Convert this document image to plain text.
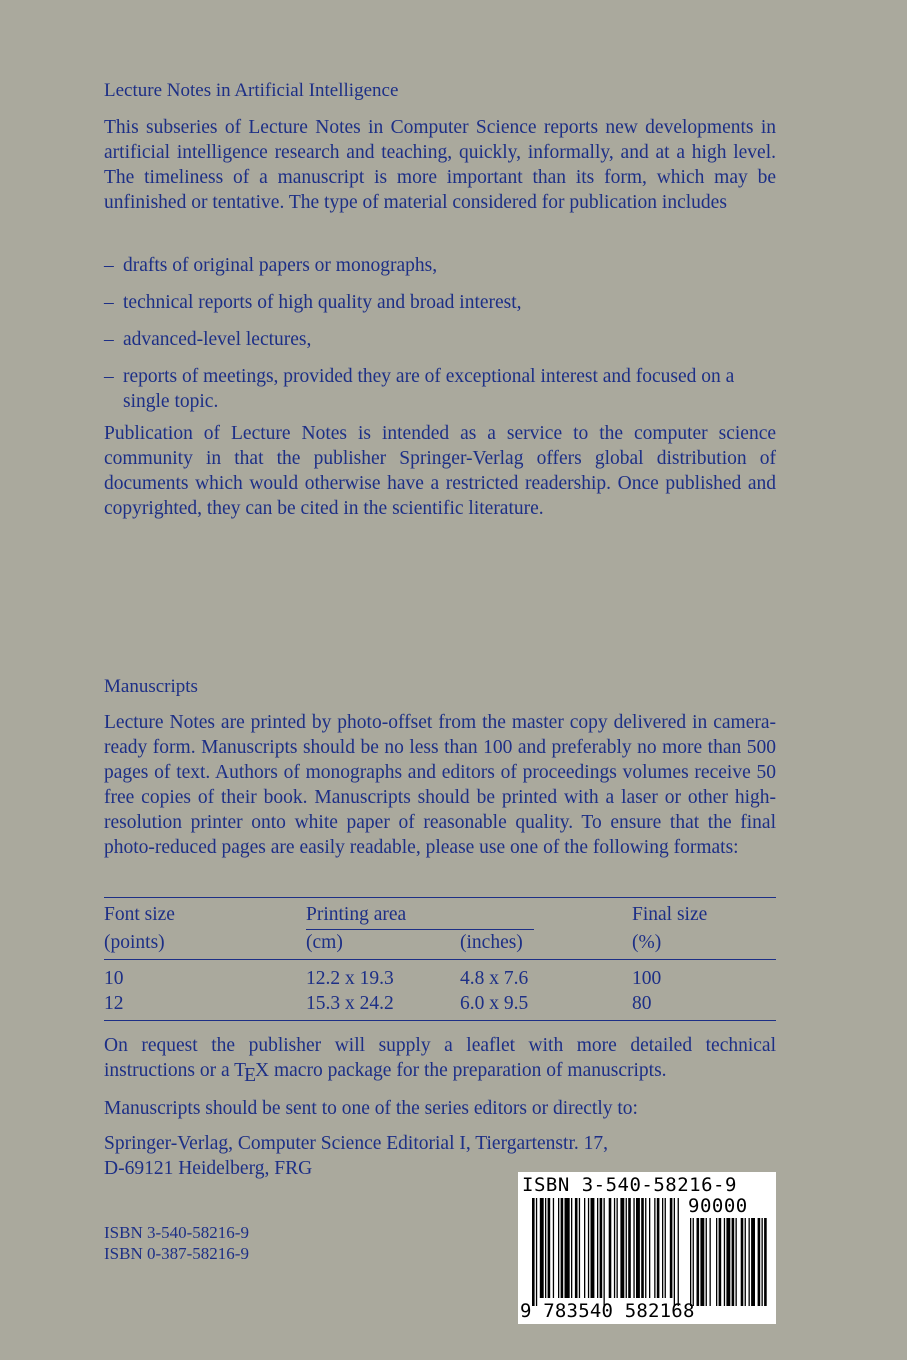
Lecture Notes in Artificial Intelligence
This subseries of Lecture Notes in Computer Science reports new developments in artificial intelligence research and teaching, quickly, informally, and at a high level. The timeliness of a manuscript is more important than its form, which may be unfinished or tentative. The type of material considered for publication includes
– drafts of original papers or monographs,
– technical reports of high quality and broad interest,
– advanced-level lectures,
– reports of meetings, provided they are of exceptional interest and focused on a single topic.
Publication of Lecture Notes is intended as a service to the computer science community in that the publisher Springer-Verlag offers global distribution of documents which would otherwise have a restricted readership. Once published and copyrighted, they can be cited in the scientific literature.
Manuscripts
Lecture Notes are printed by photo-offset from the master copy delivered in camera-ready form. Manuscripts should be no less than 100 and preferably no more than 500 pages of text. Authors of monographs and editors of proceedings volumes receive 50 free copies of their book. Manuscripts should be printed with a laser or other high-resolution printer onto white paper of reasonable quality. To ensure that the final photo-reduced pages are easily readable, please use one of the following formats:
Font size	Printing area	Final size
(points)	(cm)	(inches)	(%)
10	12.2 x 19.3	4.8 x 7.6	100
12	15.3 x 24.2	6.0 x 9.5	80
On request the publisher will supply a leaflet with more detailed technical instructions or a TEX macro package for the preparation of manuscripts.
Manuscripts should be sent to one of the series editors or directly to:
Springer-Verlag, Computer Science Editorial I, Tiergartenstr. 17,
D-69121 Heidelberg, FRG
ISBN 3-540-58216-9
ISBN 0-387-58216-9
ISBN 3-540-58216-9
90000
9 783540 582168
